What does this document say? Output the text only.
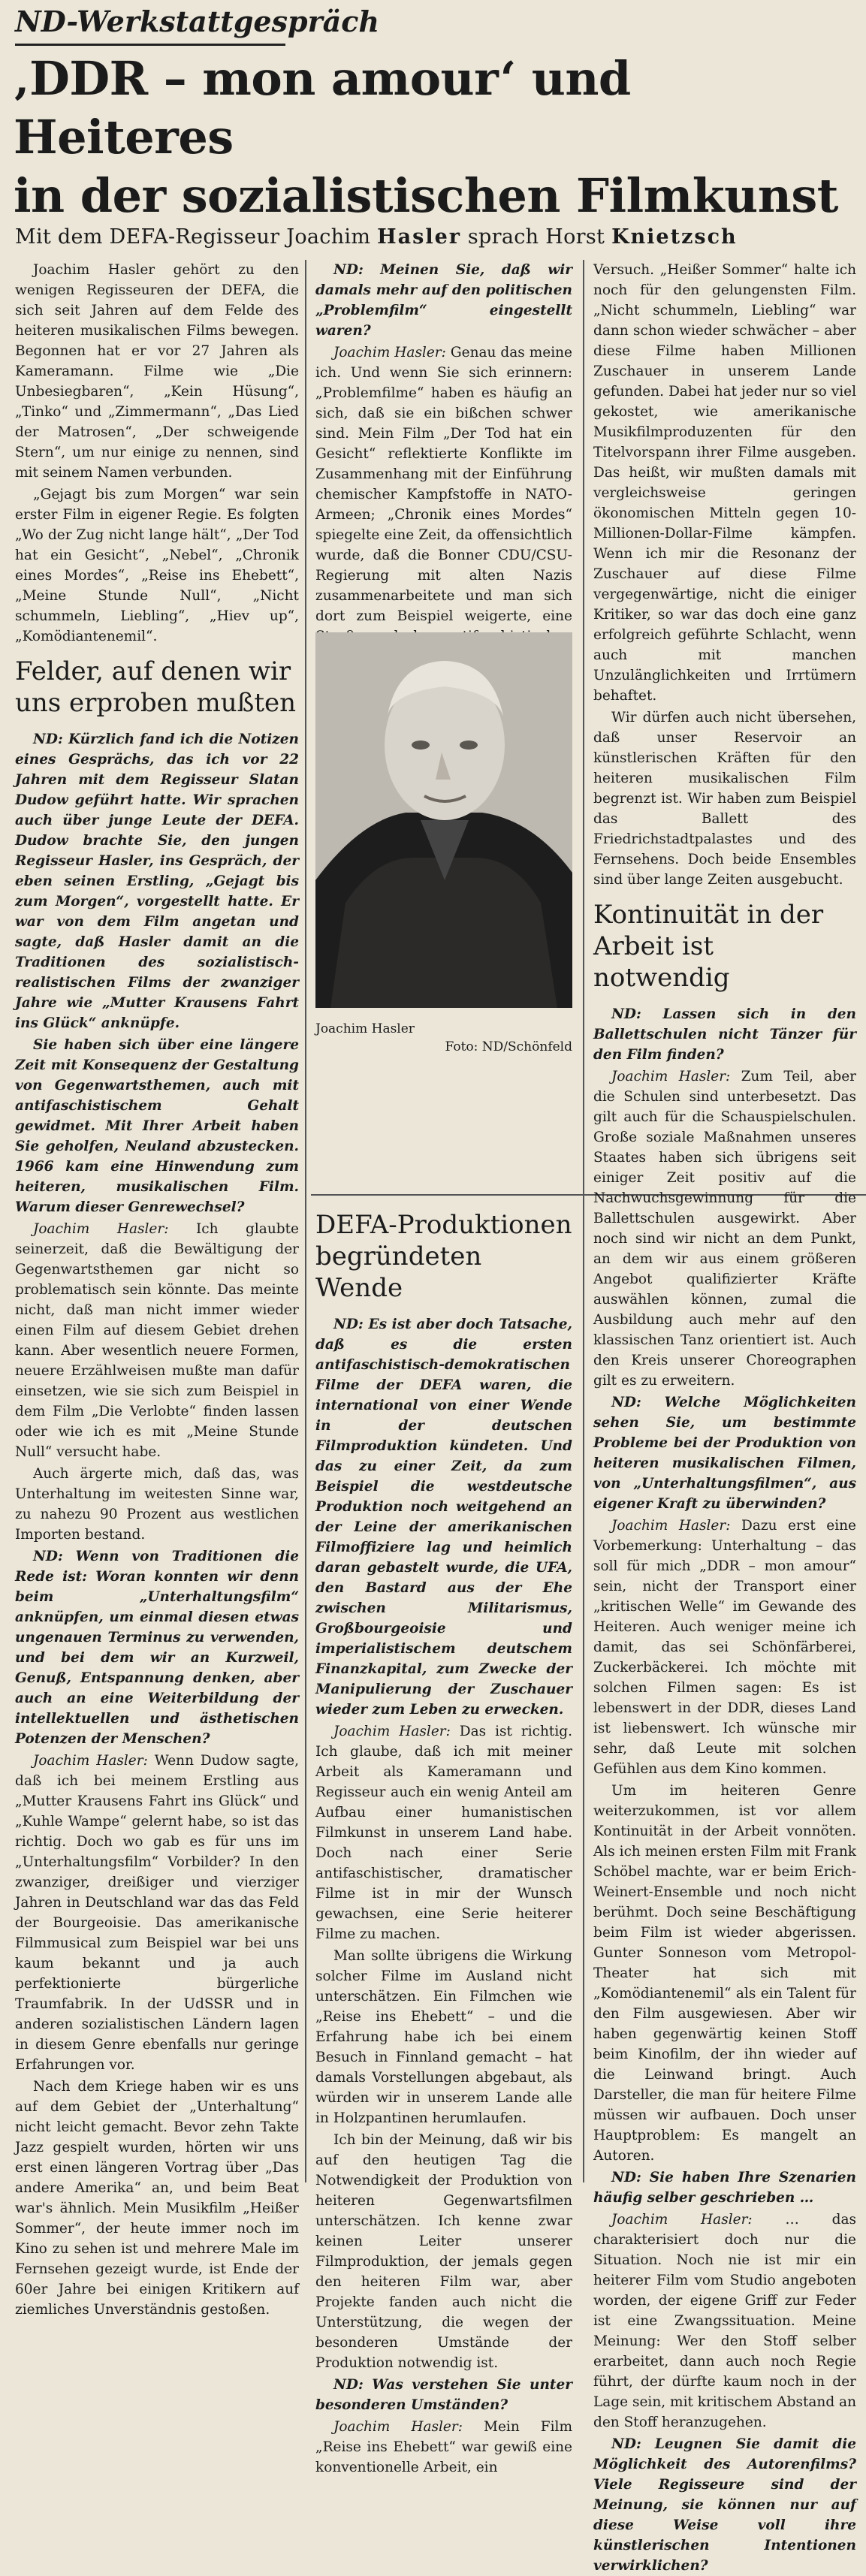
ND-Werkstattgespräch
‚DDR – mon amour‘ und Heiteres
in der sozialistischen Filmkunst
Mit dem DEFA-Regisseur Joachim Hasler sprach Horst Knietzsch

Joachim Hasler gehört zu den wenigen Regisseuren der DEFA, die sich seit Jahren auf dem Felde des heiteren musikalischen Films bewegen. Begonnen hat er vor 27 Jahren als Kameramann. Filme wie „Die Unbesiegbaren“, „Kein Hüsung“, „Tinko“ und „Zimmermann“, „Das Lied der Matrosen“, „Der schweigende Stern“, um nur einige zu nennen, sind mit seinem Namen verbunden.

„Gejagt bis zum Morgen“ war sein erster Film in eigener Regie. Es folgten „Wo der Zug nicht lange hält“, „Der Tod hat ein Gesicht“, „Nebel“, „Chronik eines Mordes“, „Reise ins Ehebett“, „Meine Stunde Null“, „Nicht schummeln, Liebling“, „Hiev up“, „Komödiantenemil“.

Felder, auf denen wir uns erproben mußten

ND: Kürzlich fand ich die Notizen eines Gesprächs, das ich vor 22 Jahren mit dem Regisseur Slatan Dudow geführt hatte. Wir sprachen auch über junge Leute der DEFA. Dudow brachte Sie, den jungen Regisseur Hasler, ins Gespräch, der eben seinen Erstling, „Gejagt bis zum Morgen“, vorgestellt hatte. Er war von dem Film angetan und sagte, daß Hasler damit an die Traditionen des sozialistisch-realistischen Films der zwanziger Jahre wie „Mutter Krausens Fahrt ins Glück“ anknüpfe.

Sie haben sich über eine längere Zeit mit Konsequenz der Gestaltung von Gegenwartsthemen, auch mit antifaschistischem Gehalt gewidmet. Mit Ihrer Arbeit haben Sie geholfen, Neuland abzustecken. 1966 kam eine Hinwendung zum heiteren, musikalischen Film. Warum dieser Genrewechsel?

Joachim Hasler: Ich glaubte seinerzeit, daß die Bewältigung der Gegenwartsthemen gar nicht so problematisch sein könnte. Das meinte nicht, daß man nicht immer wieder einen Film auf diesem Gebiet drehen kann. Aber wesentlich neuere Formen, neuere Erzählweisen mußte man dafür einsetzen, wie sie sich zum Beispiel in dem Film „Die Verlobte“ finden lassen oder wie ich es mit „Meine Stunde Null“ versucht habe.

Auch ärgerte mich, daß das, was Unterhaltung im weitesten Sinne war, zu nahezu 90 Prozent aus westlichen Importen bestand.

ND: Wenn von Traditionen die Rede ist: Woran konnten wir denn beim „Unterhaltungsfilm“ anknüpfen, um einmal diesen etwas ungenauen Terminus zu verwenden, und bei dem wir an Kurzweil, Genuß, Entspannung denken, aber auch an eine Weiterbildung der intellektuellen und ästhetischen Potenzen der Menschen?

Joachim Hasler: Wenn Dudow sagte, daß ich bei meinem Erstling aus „Mutter Krausens Fahrt ins Glück“ und „Kuhle Wampe“ gelernt habe, so ist das richtig. Doch wo gab es für uns im „Unterhaltungsfilm“ Vorbilder? In den zwanziger, dreißiger und vierziger Jahren in Deutschland war das das Feld der Bourgeoisie. Das amerikanische Filmmusical zum Beispiel war bei uns kaum bekannt und ja auch perfektionierte bürgerliche Traumfabrik. In der UdSSR und in anderen sozialistischen Ländern lagen in diesem Genre ebenfalls nur geringe Erfahrungen vor.

Nach dem Kriege haben wir es uns auf dem Gebiet der „Unterhaltung“ nicht leicht gemacht. Bevor zehn Takte Jazz gespielt wurden, hörten wir uns erst einen längeren Vortrag über „Das andere Amerika“ an, und beim Beat war's ähnlich. Mein Musikfilm „Heißer Sommer“, der heute immer noch im Kino zu sehen ist und mehrere Male im Fernsehen gezeigt wurde, ist Ende der 60er Jahre bei einigen Kritikern auf ziemliches Unverständnis gestoßen.

ND: Meinen Sie, daß wir damals mehr auf den politischen „Problemfilm“ eingestellt waren?

Joachim Hasler: Genau das meine ich. Und wenn Sie sich erinnern: „Problemfilme“ haben es häufig an sich, daß sie ein bißchen schwer sind. Mein Film „Der Tod hat ein Gesicht“ reflektierte Konflikte im Zusammenhang mit der Einführung chemischer Kampfstoffe in NATO-Armeen; „Chronik eines Mordes“ spiegelte eine Zeit, da offensichtlich wurde, daß die Bonner CDU/CSU-Regierung mit alten Nazis zusammenarbeitete und man sich dort zum Beispiel weigerte, eine

Joachim Hasler
Foto: ND/Schönfeld

DEFA-Produktionen begründeten Wende

ND: Es ist aber doch Tatsache, daß es die ersten antifaschistisch-demokratischen Filme der DEFA waren, die international von einer Wende in der deutschen Filmproduktion kündeten. Und das zu einer Zeit, da zum Beispiel die westdeutsche Produktion noch weitgehend an der Leine der amerikanischen Filmoffiziere lag und heimlich daran gebastelt wurde, die UFA, den Bastard aus der Ehe zwischen Militarismus, Großbourgeoisie und imperialistischem deutschem Finanzkapital, zum Zwecke der Manipulierung der Zuschauer wieder zum Leben zu erwecken.

Joachim Hasler: Das ist richtig. Ich glaube, daß ich mit meiner Arbeit als Kameramann und Regisseur auch ein wenig Anteil am Aufbau einer humanistischen Filmkunst in unserem Land habe. Doch nach einer Serie antifaschistischer, dramatischer Filme ist in mir der Wunsch gewachsen, eine Serie heiterer Filme zu machen.

Man sollte übrigens die Wirkung solcher Filme im Ausland nicht unterschätzen. Ein Filmchen wie „Reise ins Ehebett“ – und die Erfahrung habe ich bei einem Besuch in Finnland gemacht – hat damals Vorstellungen abgebaut, als würden wir in unserem Lande alle in Holzpantinen herumlaufen.

Ich bin der Meinung, daß wir bis auf den heutigen Tag die Notwendigkeit der Produktion von heiteren Gegenwartsfilmen unterschätzen. Ich kenne zwar keinen Leiter unserer Filmproduktion, der jemals gegen den heiteren Film war, aber Projekte fanden auch nicht die Unterstützung, die wegen der besonderen Umstände der Produktion notwendig ist.

ND: Was verstehen Sie unter besonderen Umständen?

Joachim Hasler: Mein Film „Reise ins Ehebett“ war gewiß eine konventionelle Arbeit, ein

Versuch. „Heißer Sommer“ halte ich noch für den gelungensten Film. „Nicht schummeln, Liebling“ war dann schon wieder schwächer – aber diese Filme haben Millionen Zuschauer in unserem Lande gefunden. Dabei hat jeder nur so viel gekostet, wie amerikanische Musikfilmproduzenten für den Titelvorspann ihrer Filme ausgeben. Das heißt, wir mußten damals mit vergleichsweise geringen ökonomischen Mitteln gegen 10-Millionen-Dollar-Filme kämpfen. Wenn ich mir die Resonanz der Zuschauer auf diese Filme vergegenwärtige, nicht die einiger Kritiker, so war das doch eine ganz erfolgreich geführte Schlacht, wenn auch mit manchen Unzulänglichkeiten und Irrtümern behaftet.

Wir dürfen auch nicht übersehen, daß unser Reservoir an künstlerischen Kräften für den heiteren musikalischen Film begrenzt ist. Wir haben zum Beispiel das Ballett des Friedrichstadtpalastes und des Fernsehens. Doch beide Ensembles sind über lange Zeiten ausgebucht.

Kontinuität in der Arbeit ist notwendig

ND: Lassen sich in den Ballettschulen nicht Tänzer für den Film finden?

Joachim Hasler: Zum Teil, aber die Schulen sind unterbesetzt. Das gilt auch für die Schauspielschulen. Große soziale Maßnahmen unseres Staates haben sich übrigens seit einiger Zeit positiv auf die Nachwuchsgewinnung für die Ballettschulen ausgewirkt. Aber noch sind wir nicht an dem Punkt, an dem wir aus einem größeren Angebot qualifizierter Kräfte auswählen können, zumal die Ausbildung auch mehr auf den klassischen Tanz orientiert ist. Auch den Kreis unserer Choreographen gilt es zu erweitern.

ND: Welche Möglichkeiten sehen Sie, um bestimmte Probleme bei der Produktion von heiteren musikalischen Filmen, von „Unterhaltungsfilmen“, aus eigener Kraft zu überwinden?

Joachim Hasler: Dazu erst eine Vorbemerkung: Unterhaltung – das soll für mich „DDR – mon amour“ sein, nicht der Transport einer „kritischen Welle“ im Gewande des Heiteren. Auch weniger meine ich damit, das sei Schönfärberei, Zuckerbäckerei. Ich möchte mit solchen Filmen sagen: Es ist lebenswert in der DDR, dieses Land ist liebenswert. Ich wünsche mir sehr, daß Leute mit solchen Gefühlen aus dem Kino kommen.

Um im heiteren Genre weiterzukommen, ist vor allem Kontinuität in der Arbeit vonnöten. Als ich meinen ersten Film mit Frank Schöbel machte, war er beim Erich-Weinert-Ensemble und noch nicht berühmt. Doch seine Beschäftigung beim Film ist wieder abgerissen. Gunter Sonneson vom Metropol-Theater hat sich mit „Komödiantenemil“ als ein Talent für den Film ausgewiesen. Aber wir haben gegenwärtig keinen Stoff beim Kinofilm, der ihn wieder auf die Leinwand bringt. Auch Darsteller, die man für heitere Filme müssen wir aufbauen. Doch unser Hauptproblem: Es mangelt an Autoren.

ND: Sie haben Ihre Szenarien häufig selber geschrieben …

Joachim Hasler: … das charakterisiert doch nur die Situation. Noch nie ist mir ein heiterer Film vom Studio angeboten worden, der eigene Griff zur Feder ist eine Zwangssituation. Meine Meinung: Wer den Stoff selber erarbeitet, dann auch noch Regie führt, der dürfte kaum noch in der Lage sein, mit kritischem Abstand an den Stoff heranzugehen.

ND: Leugnen Sie damit die Möglichkeit des Autorenfilms? Viele Regisseure sind der Meinung, sie können nur auf diese Weise voll ihre künstlerischen Intentionen verwirklichen?
